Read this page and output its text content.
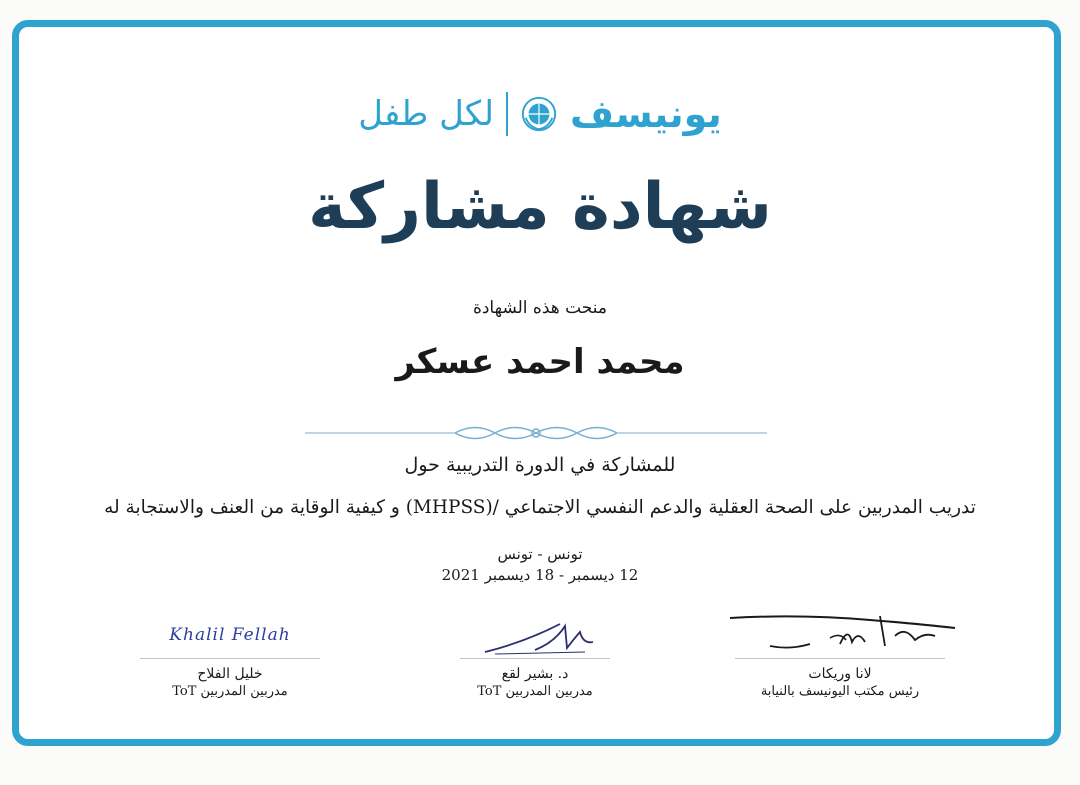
لكل طفل يونيسف
شهادة مشاركة
منحت هذه الشهادة
محمد احمد عسكر
للمشاركة في الدورة التدريبية حول
تدريب المدربين على الصحة العقلية والدعم النفسي الاجتماعي /(MHPSS) و كيفية الوقاية من العنف والاستجابة له
تونس - تونس
12 ديسمبر - 18 ديسمبر 2021
Khalil Fellah
خليل الفلاح
مدربين المدربين ToT
د. بشير لقع
مدربين المدربين ToT
لانا وريكات
رئيس مكتب اليونيسف بالنيابة
